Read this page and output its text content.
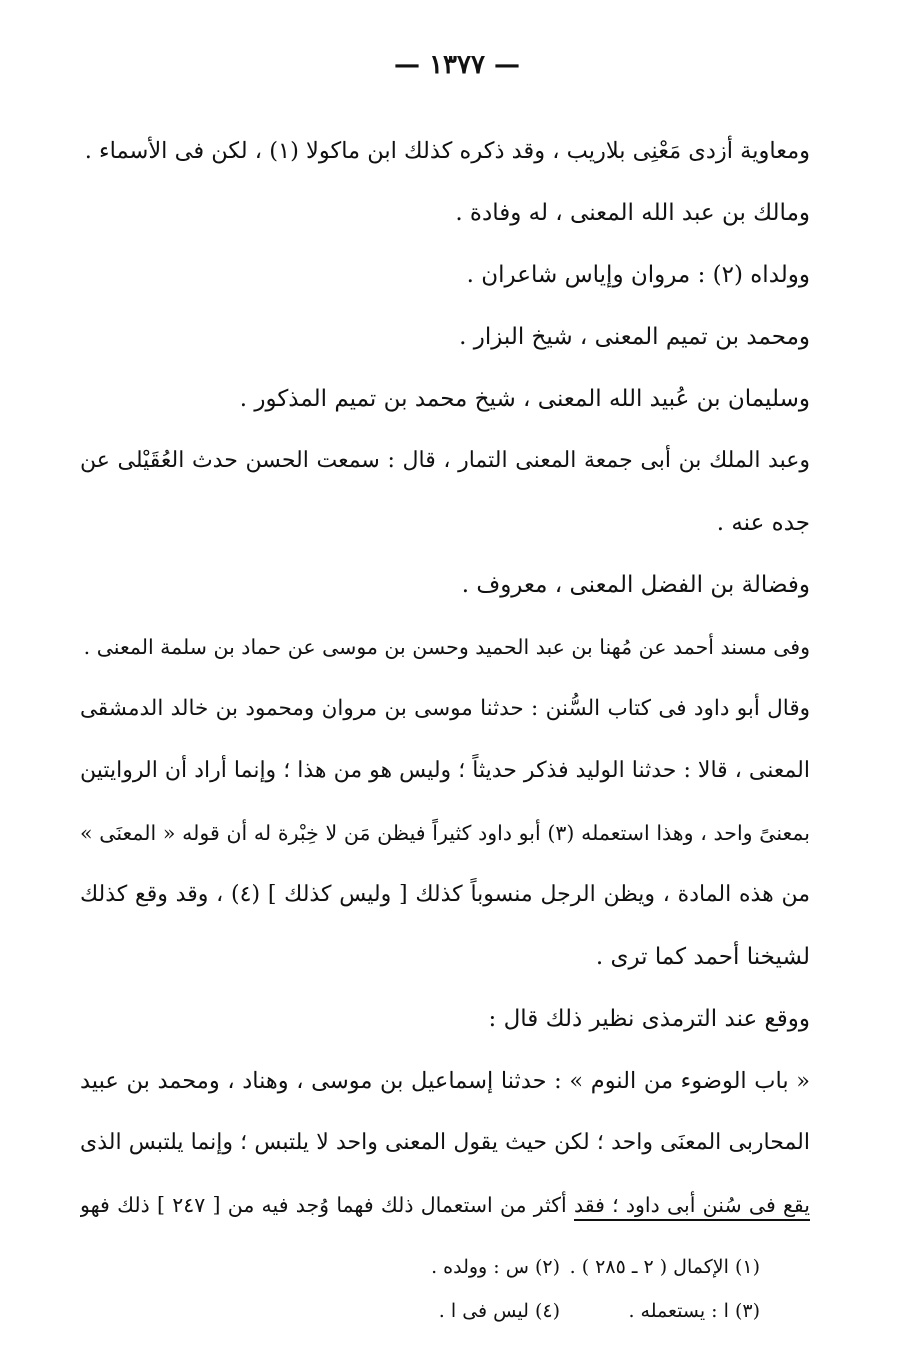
— ١٣٧٧ —
ومعاوية أزدى مَعْنِى بلاريب ، وقد ذكره كذلك ابن ماكولا (١) ، لكن فى الأسماء .
ومالك بن عبد الله المعنى ، له وفادة .
وولداه (٢) : مروان وإياس شاعران .
ومحمد بن تميم المعنى ، شيخ البزار .
وسليمان بن عُبيد الله المعنى ، شيخ محمد بن تميم المذكور .
وعبد الملك بن أبى جمعة المعنى التمار ، قال : سمعت الحسن حدث العُقَيْلى عن
جده عنه .
وفضالة بن الفضل المعنى ، معروف .
وفى مسند أحمد عن مُهنا بن عبد الحميد وحسن بن موسى عن حماد بن سلمة المعنى .
وقال أبو داود فى كتاب السُّنن : حدثنا موسى بن مروان ومحمود بن خالد الدمشقى
المعنى ، قالا : حدثنا الوليد فذكر حديثاً ؛ وليس هو من هذا ؛ وإنما أراد أن الروايتين
بمعنىً واحد ، وهذا استعمله (٣) أبو داود كثيراً فيظن مَن لا خِبْرة له أن قوله « المعنَى »
من هذه المادة ، ويظن الرجل منسوباً كذلك [ وليس كذلك ] (٤) ، وقد وقع كذلك
لشيخنا أحمد كما ترى .
ووقع عند الترمذى نظير ذلك قال :
« باب الوضوء من النوم » : حدثنا إسماعيل بن موسى ، وهناد ، ومحمد بن عبيد
المحاربى المعنَى واحد ؛ لكن حيث يقول المعنى واحد لا يلتبس ؛ وإنما يلتبس الذى
يقع فى سُنن أبى داود ؛ فقد أكثر من استعمال ذلك فهما وُجد فيه من [ ٢٤٧ ] ذلك فهو
(١) الإكمال ( ٢ ـ ٢٨٥ ) .
(٢) س : وولده .
(٣) ا : يستعمله .
(٤) ليس فى ا .
